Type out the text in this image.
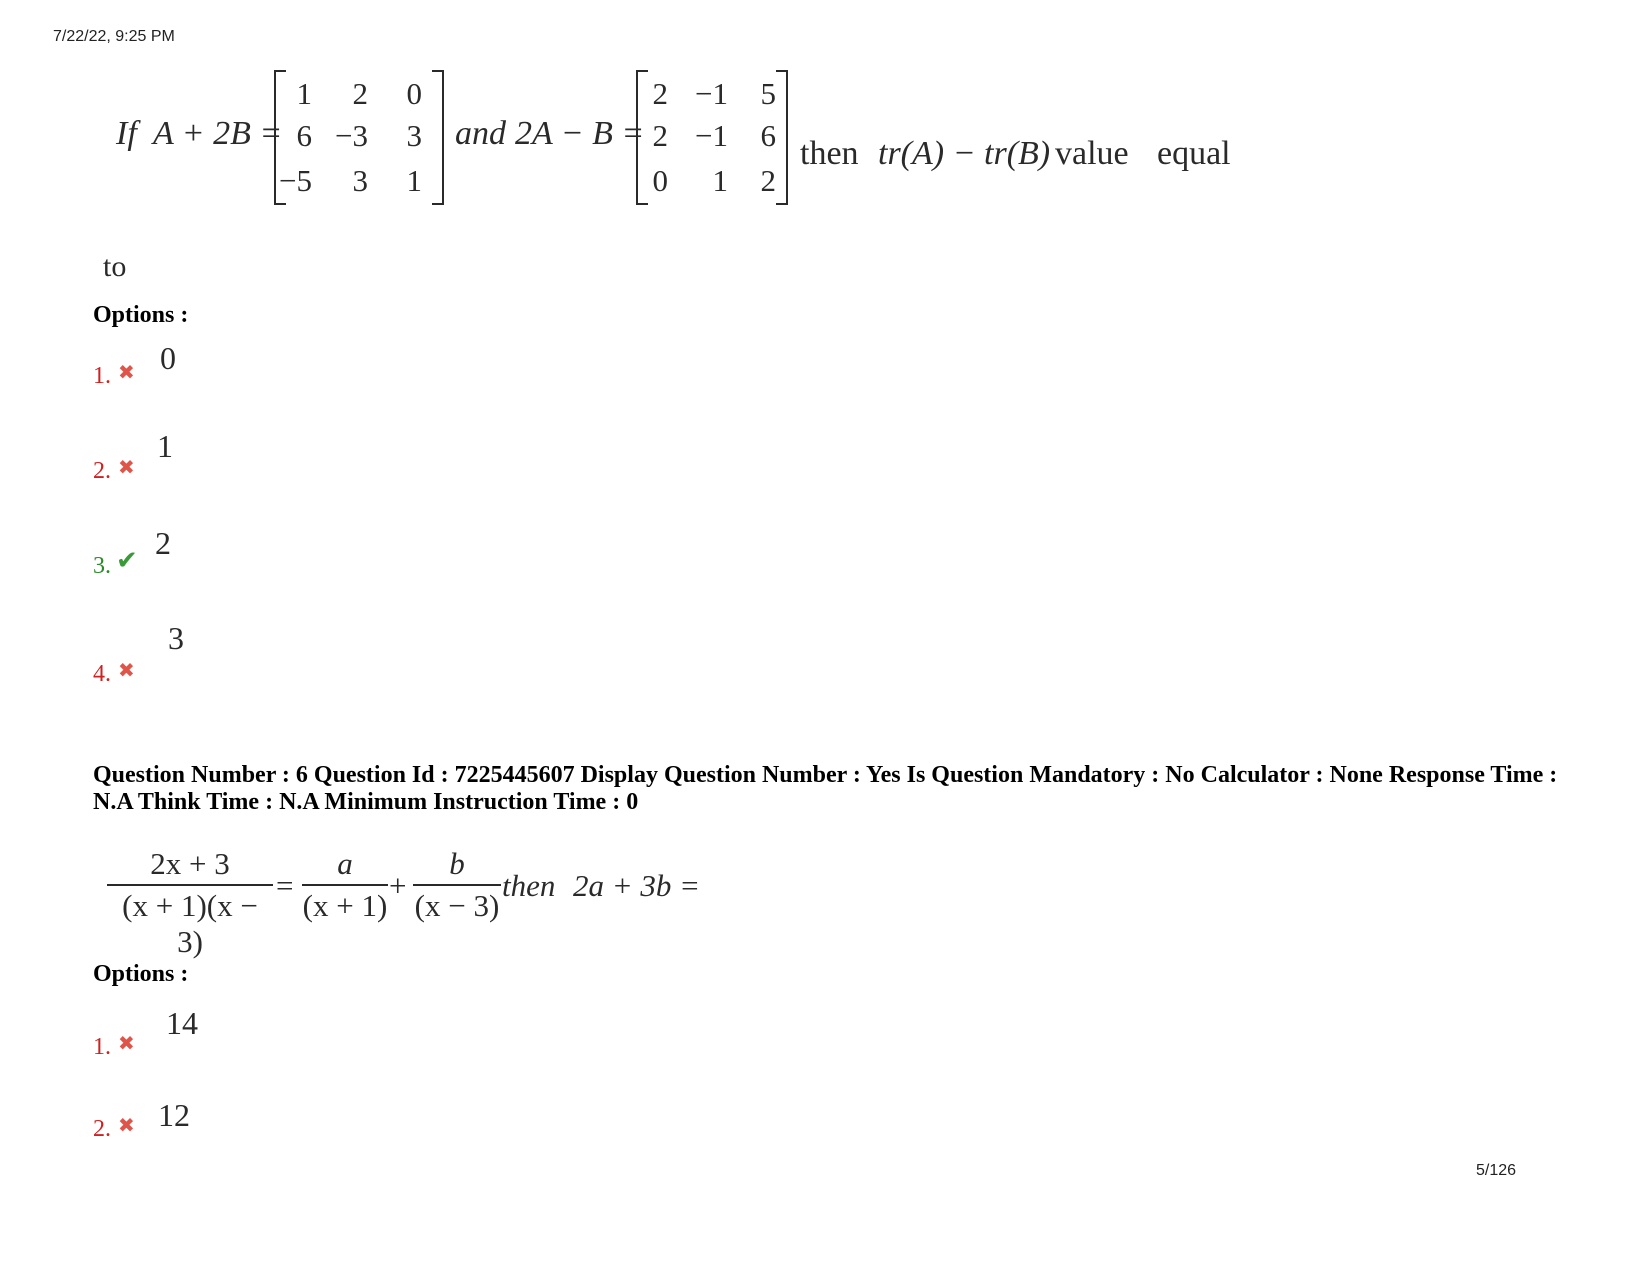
7/22/22, 9:25 PM
5/126
If A + 2B =
1	2	0
6 −3	3
−5	3	1
and 2A − B =
2 −1	5
2 −1	6
0	1	2
then tr(A) − tr(B) value equal
to
Options :
1. ✖ 0
2. ✖
1
3. ✔ 2
4. ✖
3
Question Number : 6 Question Id : 7225445607 Display Question Number : Yes Is Question Mandatory : No Calculator : None Response Time : N.A Think Time : N.A Minimum Instruction Time : 0
2x + 3
(x + 1)(x − 3)
=
a
(x + 1)
+
b
(x − 3)
then 2a + 3b =
Options :
1. ✖
14
2. ✖ 12
